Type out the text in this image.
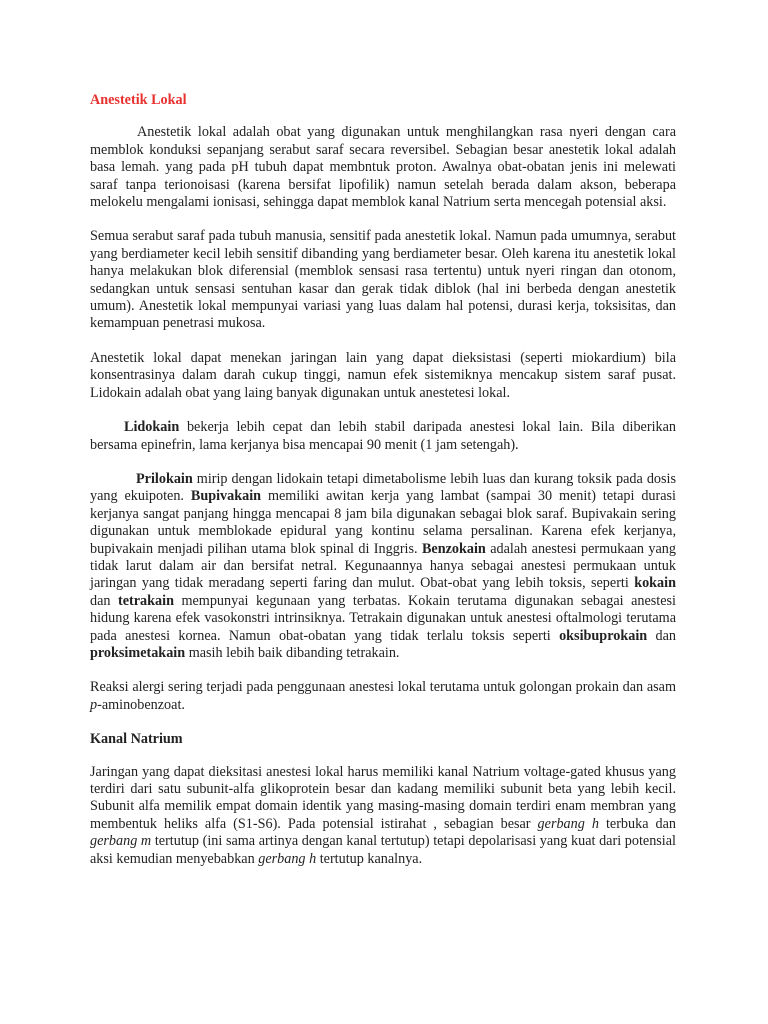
Anestetik Lokal

Anestetik lokal adalah obat yang digunakan untuk menghilangkan rasa nyeri dengan cara memblok konduksi sepanjang serabut saraf secara reversibel. Sebagian besar anestetik lokal adalah basa lemah. yang pada pH tubuh dapat membntuk proton. Awalnya obat-obatan jenis ini melewati saraf tanpa terionoisasi (karena bersifat lipofilik) namun setelah berada dalam akson, beberapa melokelu mengalami ionisasi, sehingga dapat memblok kanal Natrium serta mencegah potensial aksi.

Semua serabut saraf pada tubuh manusia, sensitif pada anestetik lokal. Namun pada umumnya, serabut yang berdiameter kecil lebih sensitif dibanding yang berdiameter besar. Oleh karena itu anestetik lokal hanya melakukan blok diferensial (memblok sensasi rasa tertentu) untuk nyeri ringan dan otonom, sedangkan untuk sensasi sentuhan kasar dan gerak tidak diblok (hal ini berbeda dengan anestetik umum). Anestetik lokal mempunyai variasi yang luas dalam hal potensi, durasi kerja, toksisitas, dan kemampuan penetrasi mukosa.

Anestetik lokal dapat menekan jaringan lain yang dapat dieksistasi (seperti miokardium) bila konsentrasinya dalam darah cukup tinggi, namun efek sistemiknya mencakup sistem saraf pusat. Lidokain adalah obat yang laing banyak digunakan untuk anestetesi lokal.

Lidokain bekerja lebih cepat dan lebih stabil daripada anestesi lokal lain. Bila diberikan bersama epinefrin, lama kerjanya bisa mencapai 90 menit (1 jam setengah).

Prilokain mirip dengan lidokain tetapi dimetabolisme lebih luas dan kurang toksik pada dosis yang ekuipoten. Bupivakain memiliki awitan kerja yang lambat (sampai 30 menit) tetapi durasi kerjanya sangat panjang hingga mencapai 8 jam bila digunakan sebagai blok saraf. Bupivakain sering digunakan untuk memblokade epidural yang kontinu selama persalinan. Karena efek kerjanya, bupivakain menjadi pilihan utama blok spinal di Inggris. Benzokain adalah anestesi permukaan yang tidak larut dalam air dan bersifat netral. Kegunaannya hanya sebagai anestesi permukaan untuk jaringan yang tidak meradang seperti faring dan mulut. Obat-obat yang lebih toksis, seperti kokain dan tetrakain mempunyai kegunaan yang terbatas. Kokain terutama digunakan sebagai anestesi hidung karena efek vasokonstri intrinsiknya. Tetrakain digunakan untuk anestesi oftalmologi terutama pada anestesi kornea. Namun obat-obatan yang tidak terlalu toksis seperti oksibuprokain dan proksimetakain masih lebih baik dibanding tetrakain.

Reaksi alergi sering terjadi pada penggunaan anestesi lokal terutama untuk golongan prokain dan asam p-aminobenzoat.

Kanal Natrium

Jaringan yang dapat dieksitasi anestesi lokal harus memiliki kanal Natrium voltage-gated khusus yang terdiri dari satu subunit-alfa glikoprotein besar dan kadang memiliki subunit beta yang lebih kecil. Subunit alfa memilik empat domain identik yang masing-masing domain terdiri enam membran yang membentuk heliks alfa (S1-S6). Pada potensial istirahat , sebagian besar gerbang h terbuka dan gerbang m tertutup (ini sama artinya dengan kanal tertutup) tetapi depolarisasi yang kuat dari potensial aksi kemudian menyebabkan gerbang h tertutup kanalnya.
